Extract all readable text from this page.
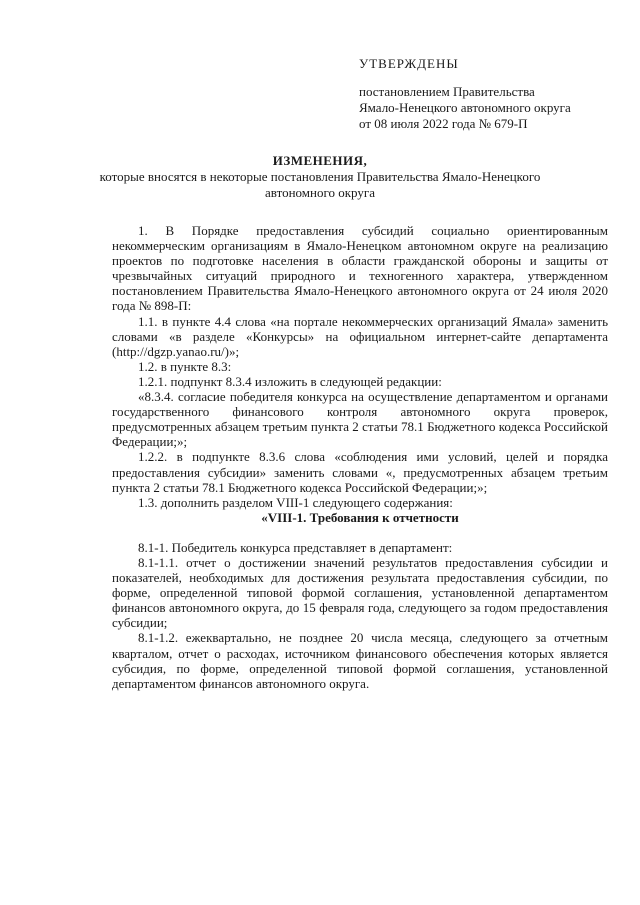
УТВЕРЖДЕНЫ
постановлением Правительства
Ямало-Ненецкого автономного округа
от 08 июля 2022 года № 679-П
ИЗМЕНЕНИЯ,
которые вносятся в некоторые постановления Правительства Ямало-Ненецкого
автономного округа

1. В Порядке предоставления субсидий социально ориентированным некоммерческим организациям в Ямало-Ненецком автономном округе на реализацию проектов по подготовке населения в области гражданской обороны и защиты от чрезвычайных ситуаций природного и техногенного характера, утвержденном постановлением Правительства Ямало-Ненецкого автономного округа от 24 июля 2020 года № 898-П:

1.1. в пункте 4.4 слова «на портале некоммерческих организаций Ямала» заменить словами «в разделе «Конкурсы» на официальном интернет-сайте департамента (http://dgzp.yanao.ru/)»;

1.2. в пункте 8.3:

1.2.1. подпункт 8.3.4 изложить в следующей редакции:

«8.3.4. согласие победителя конкурса на осуществление департаментом и органами государственного финансового контроля автономного округа проверок, предусмотренных абзацем третьим пункта 2 статьи 78.1 Бюджетного кодекса Российской Федерации;»;

1.2.2. в подпункте 8.3.6 слова «соблюдения ими условий, целей и порядка предоставления субсидии» заменить словами «, предусмотренных абзацем третьим пункта 2 статьи 78.1 Бюджетного кодекса Российской Федерации;»;

1.3. дополнить разделом VIII-1 следующего содержания:

«VIII-1. Требования к отчетности

8.1-1. Победитель конкурса представляет в департамент:

8.1-1.1. отчет о достижении значений результатов предоставления субсидии и показателей, необходимых для достижения результата предоставления субсидии, по форме, определенной типовой формой соглашения, установленной департаментом финансов автономного округа, до 15 февраля года, следующего за годом предоставления субсидии;

8.1-1.2. ежеквартально, не позднее 20 числа месяца, следующего за отчетным кварталом, отчет о расходах, источником финансового обеспечения которых является субсидия, по форме, определенной типовой формой соглашения, установленной департаментом финансов автономного округа.
